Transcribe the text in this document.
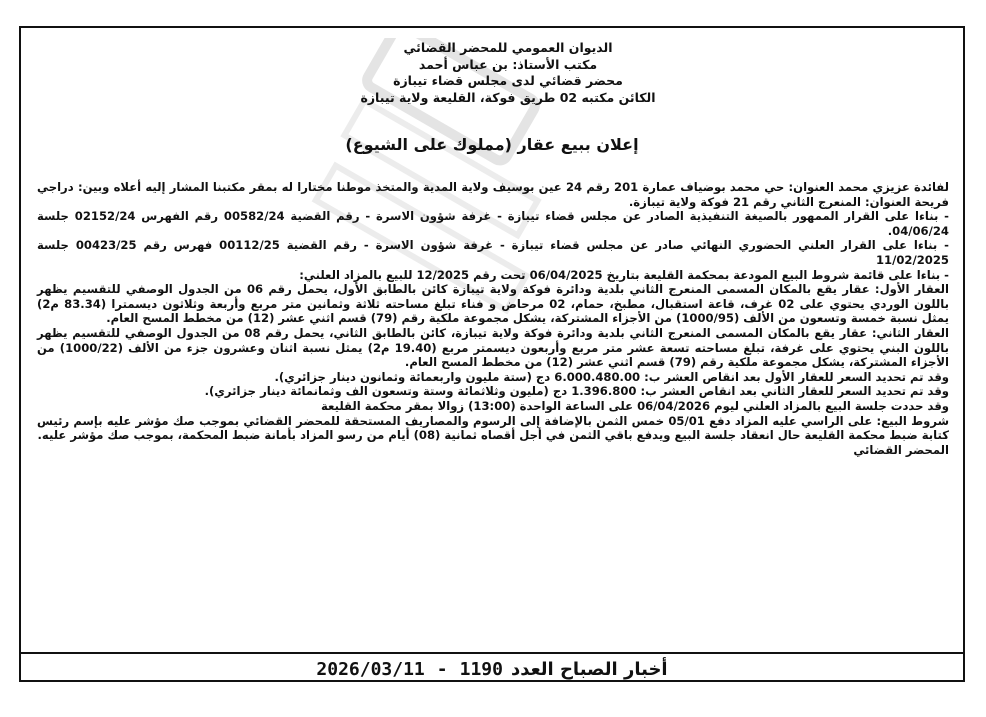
الديوان العمومي للمحضر القضائي
مكتب الأستاذ: بن عباس أحمد
محضر قضائي لدى مجلس قضاء تيبازة
الكائن مكتبه 02 طريق فوكة، القليعة ولاية تيبازة
إعلان ببيع عقار (مملوك على الشيوع)

لفائدة عزيزي محمد العنوان: حي محمد بوضياف عمارة 201 رقم 24 عين بوسيف ولاية المدية والمتخذ موطنا مختارا له بمقر مكتبنا المشار إليه أعلاه وبين: دراجي فريحة العنوان: المنعرج الثاني رقم 21 فوكة ولاية تيبازة.

- بناءا على القرار الممهور بالصيغة التنفيذية الصادر عن مجلس قضاء تيبازة - غرفة شؤون الاسرة - رقم القضية 00582/24 رقم الفهرس 02152/24 جلسة 04/06/24.

- بناءا على القرار العلني الحضوري النهائي صادر عن مجلس قضاء تيبازة - غرفة شؤون الاسرة - رقم القضية 00112/25 فهرس رقم 00423/25 جلسة 11/02/2025

- بناءا على قائمة شروط البيع المودعة بمحكمة القليعة بتاريخ 06/04/2025 تحت رقم 12/2025 للبيع بالمزاد العلني:

العقار الأول: عقار يقع بالمكان المسمى المنعرج الثاني بلدية ودائرة فوكة ولاية تيبازة كائن بالطابق الأول، يحمل رقم 06 من الجدول الوصفي للتقسيم يظهر باللون الوردي يحتوي على 02 غرف، قاعة استقبال، مطبخ، حمام، 02 مرحاض و فناء تبلغ مساحته ثلاثة وثمانين متر مربع وأربعة وثلاثون ديسمترا (83.34 م2) يمثل نسبة خمسة وتسعون من الألف (1000/95) من الأجزاء المشتركة، يشكل مجموعة ملكية رقم (79) قسم اثني عشر (12) من مخطط المسح العام.

العقار الثاني: عقار يقع بالمكان المسمى المنعرج الثاني بلدية ودائرة فوكة ولاية تيبازة، كائن بالطابق الثاني، يحمل رقم 08 من الجدول الوصفي للتقسيم يظهر باللون البني يحتوي على غرفة، تبلغ مساحته تسعة عشر متر مربع وأربعون ديسمتر مربع (19.40 م2) يمثل نسبة اثنان وعشرون جزء من الألف (1000/22) من الأجزاء المشتركة، يشكل مجموعة ملكية رقم (79) قسم اثني عشر (12) من مخطط المسح العام.

وقد تم تحديد السعر للعقار الأول بعد انقاص العشر ب: 6.000.480.00 دج (ستة مليون واربعمائة وثمانون دينار جزائري).

وقد تم تحديد السعر للعقار الثاني بعد انقاص العشر ب: 1.396.800 دج (مليون وثلاثمائة وستة وتسعون الف وثمانمائة دينار جزائري).

وقد حددت جلسة البيع بالمزاد العلني ليوم 06/04/2026 على الساعة الواحدة (13:00) زوالا بمقر محكمة القليعة

شروط البيع: على الراسي عليه المزاد دفع 05/01 خمس الثمن بالإضافة إلى الرسوم والمصاريف المستحقة للمحضر القضائي بموجب صك مؤشر عليه بإسم رئيس كتابة ضبط محكمة القليعة حال انعقاد جلسة البيع ويدفع باقي الثمن في أجل أقصاه ثمانية (08) أيام من رسو المزاد بأمانة ضبط المحكمة، بموجب صك مؤشر عليه.

المحضر القضائي

2026/03/11 - 1190 أخبار الصباح العدد
